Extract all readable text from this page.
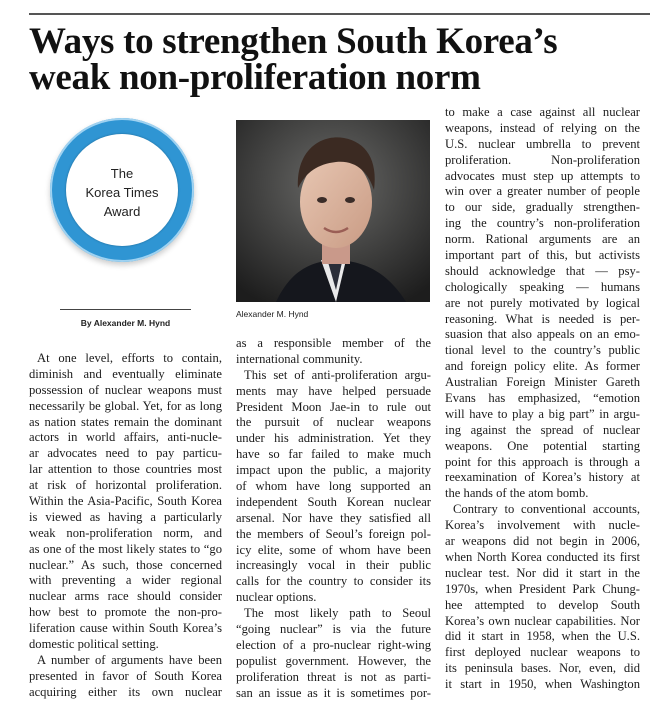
Ways to strengthen South Korea’s
weak non-proliferation norm
The
Korea Times
Award
By Alexander M. Hynd
Alexander M. Hynd
At one level, efforts to contain,
diminish and eventually eliminate
possession of nuclear weapons must
necessarily be global. Yet, for as long
as nation states remain the dominant
actors in world affairs, anti-nucle-
ar advocates need to pay particu-
lar attention to those countries most
at risk of horizontal proliferation.
Within the Asia-Pacific, South Korea
is viewed as having a particularly
weak non-proliferation norm, and
as one of the most likely states to “go
nuclear.” As such, those concerned
with preventing a wider regional
nuclear arms race should consider
how best to promote the non-pro-
liferation cause within South Korea’s
domestic political setting.
A number of arguments have been
presented in favor of South Korea
acquiring either its own nuclear
as a responsible member of the
international community.
This set of anti-proliferation argu-
ments may have helped persuade
President Moon Jae-in to rule out
the pursuit of nuclear weapons
under his administration. Yet they
have so far failed to make much
impact upon the public, a majority
of whom have long supported an
independent South Korean nuclear
arsenal. Nor have they satisfied all
the members of Seoul’s foreign pol-
icy elite, some of whom have been
increasingly vocal in their public
calls for the country to consider its
nuclear options.
The most likely path to Seoul
“going nuclear” is via the future
election of a pro-nuclear right-wing
populist government. However, the
proliferation threat is not as parti-
san an issue as it is sometimes por-
to make a case against all nuclear
weapons, instead of relying on the
U.S. nuclear umbrella to prevent
proliferation. Non-proliferation
advocates must step up attempts to
win over a greater number of people
to our side, gradually strengthen-
ing the country’s non-proliferation
norm. Rational arguments are an
important part of this, but activists
should acknowledge that — psy-
chologically speaking — humans
are not purely motivated by logical
reasoning. What is needed is per-
suasion that also appeals on an emo-
tional level to the country’s public
and foreign policy elite. As former
Australian Foreign Minister Gareth
Evans has emphasized, “emotion
will have to play a big part” in argu-
ing against the spread of nuclear
weapons. One potential starting
point for this approach is through a
reexamination of Korea’s history at
the hands of the atom bomb.
Contrary to conventional accounts,
Korea’s involvement with nucle-
ar weapons did not begin in 2006,
when North Korea conducted its first
nuclear test. Nor did it start in the
1970s, when President Park Chung-
hee attempted to develop South
Korea’s own nuclear capabilities. Nor
did it start in 1958, when the U.S.
first deployed nuclear weapons to
its peninsula bases. Nor, even, did
it start in 1950, when Washington
